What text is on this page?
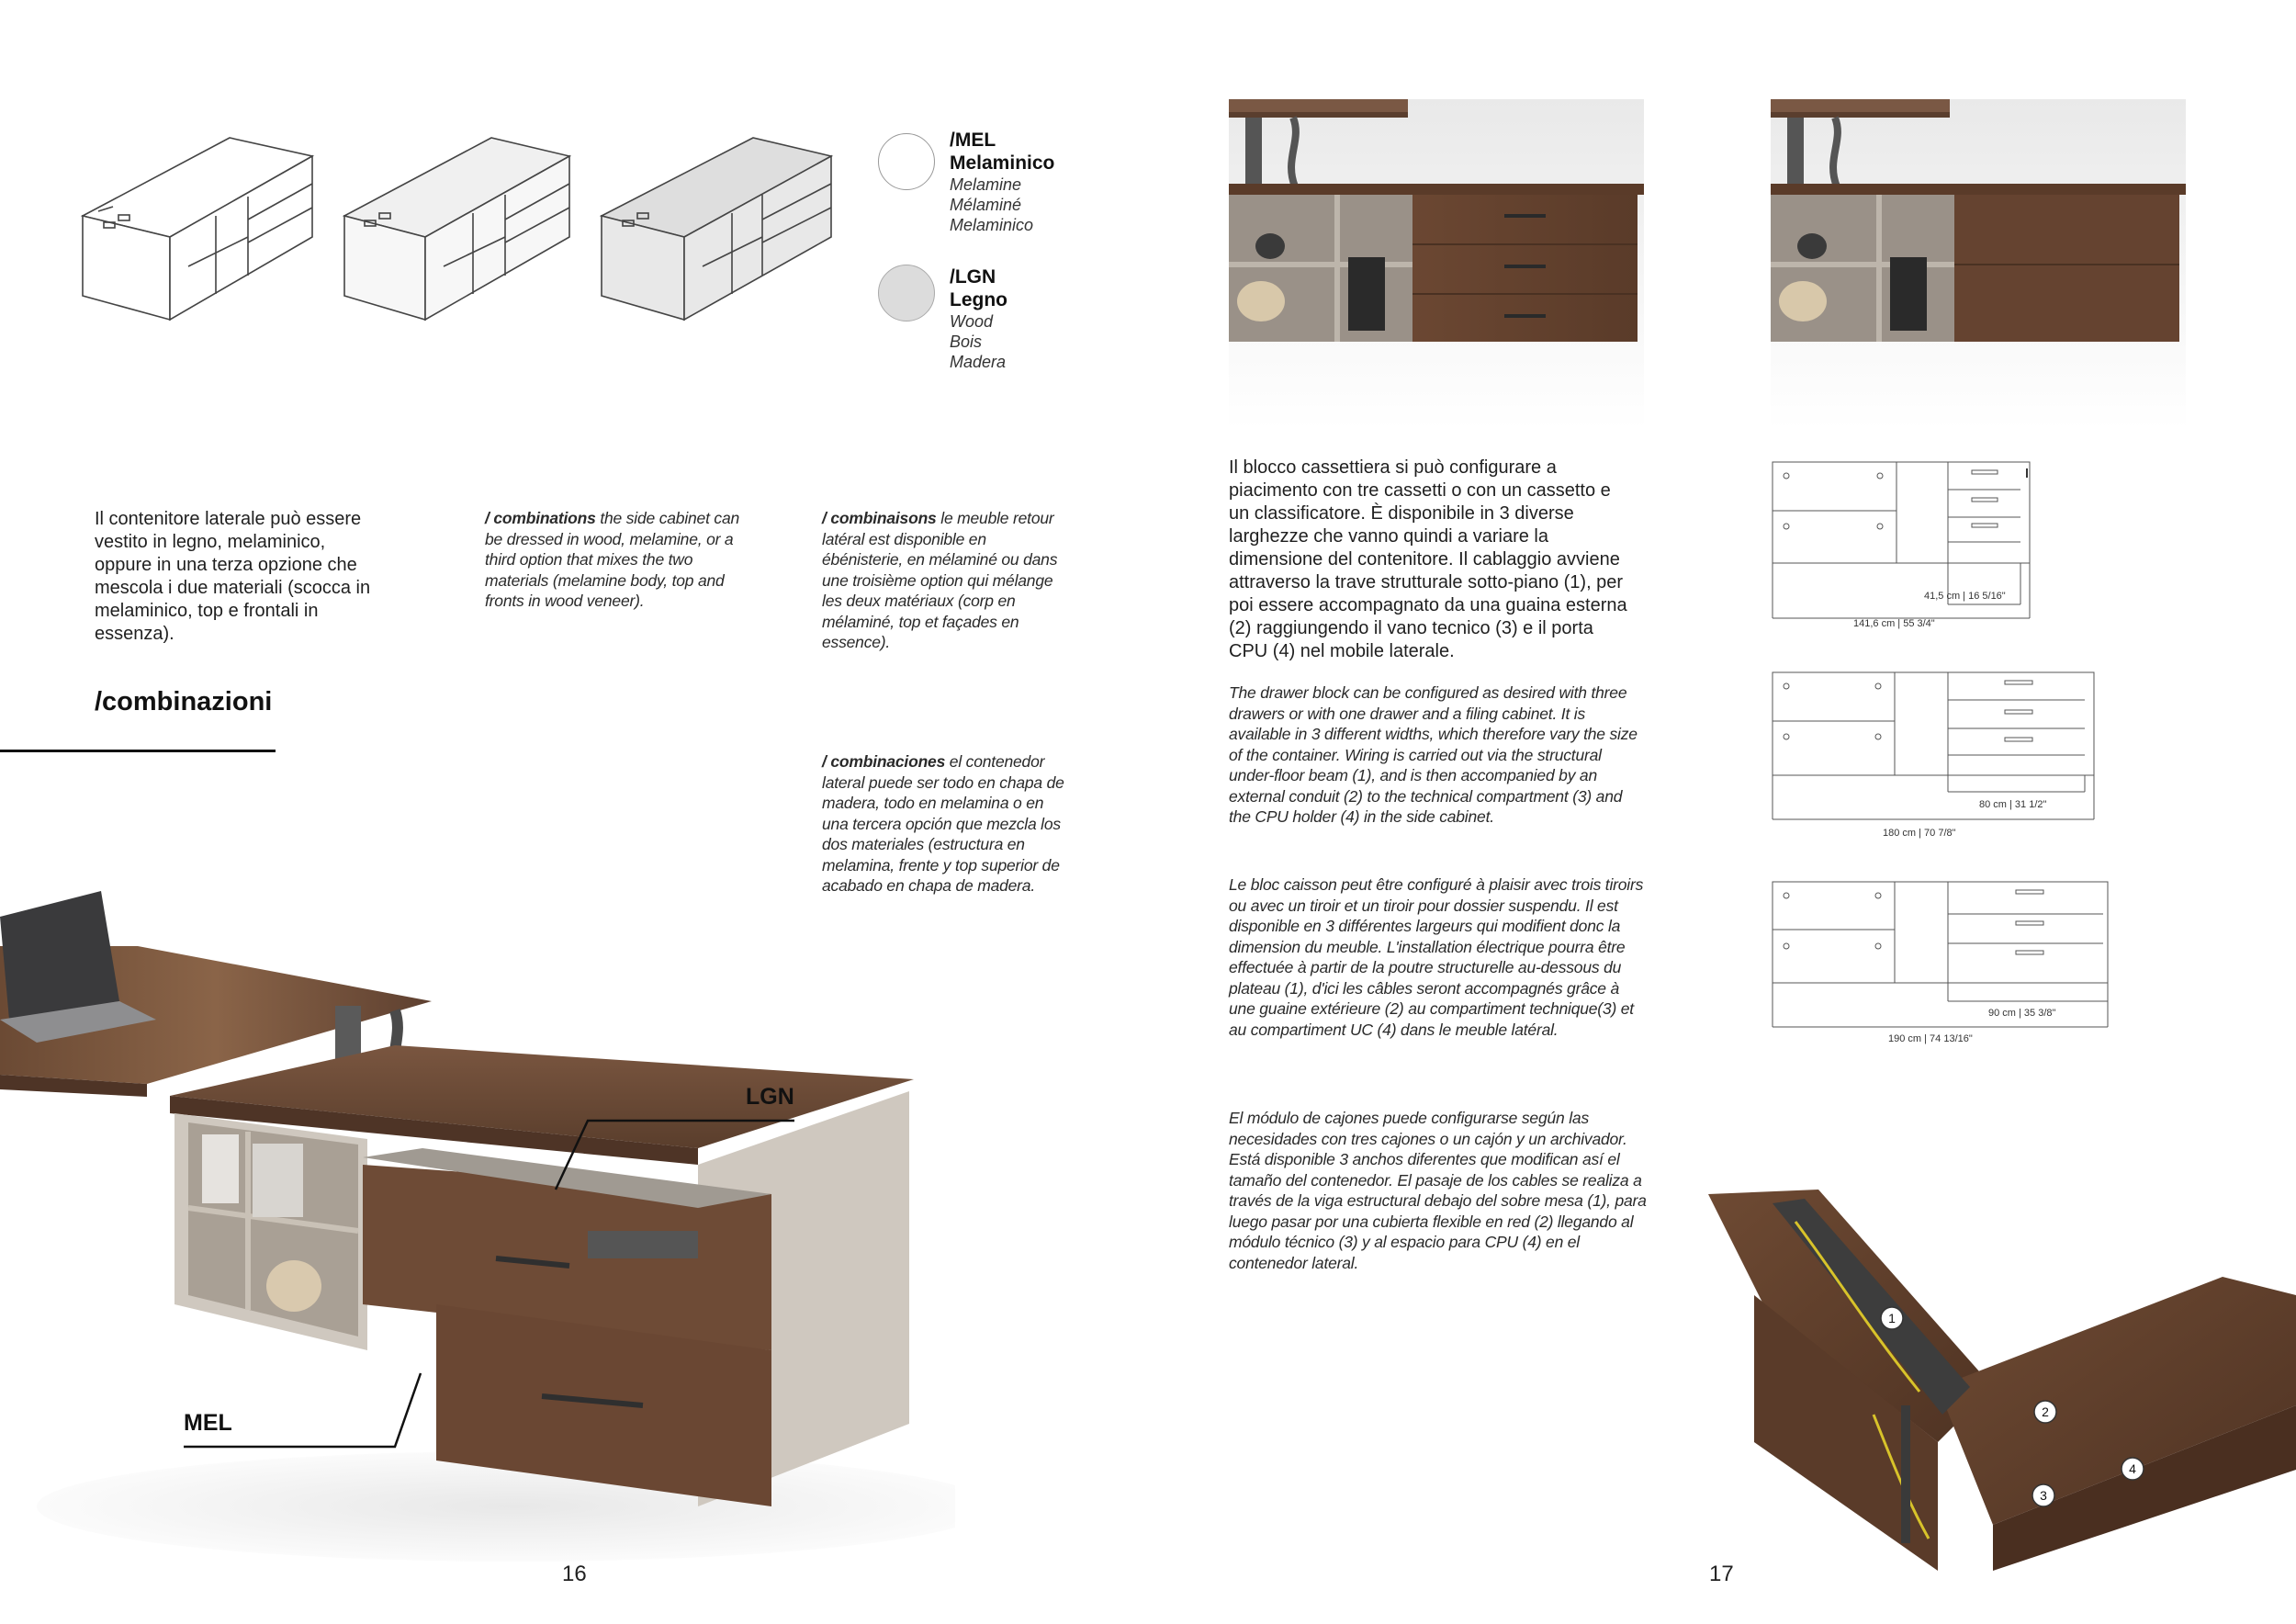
/MEL
Melaminico
Melamine
Mélaminé
Melaminico
/LGN
Legno
Wood
Bois
Madera
Il contenitore laterale può essere vestito in legno, melaminico, oppure in una terza opzione che mescola i due materiali (scocca in melaminico, top e frontali in essenza).
/ combinations the side cabinet can be dressed in wood, melamine, or a third option that mixes the two materials (melamine body, top and fronts in wood veneer).
/ combinaisons le meuble retour latéral est disponible en ébénisterie, en mélaminé ou dans une troisième option qui mélange les deux matériaux (corp en mélaminé, top et façades en essence).
/ combinaciones el contenedor lateral puede ser todo en chapa de madera, todo en melamina o en una tercera opción que mezcla los dos materiales (estructura en melamina, frente y top superior de acabado en chapa de madera.
/combinazioni
LGN
MEL
16
Il blocco cassettiera si può configurare a piacimento con tre cassetti o con un cassetto e un classificatore. È disponibile in 3 diverse larghezze che vanno quindi a variare la dimensione del contenitore. Il cablaggio avviene attraverso la trave strutturale sotto-piano (1), per poi essere accompagnato da una guaina esterna (2) raggiungendo il vano tecnico (3) e il porta CPU (4) nel mobile laterale.
The drawer block can be configured as desired with three drawers or with one drawer and a filing cabinet. It is available in 3 different widths, which therefore vary the size of the container. Wiring is carried out via the structural under-floor beam (1), and is then accompanied by an external conduit (2) to the technical compartment (3) and the CPU holder (4) in the side cabinet.
Le bloc caisson peut être configuré à plaisir avec trois tiroirs ou avec un tiroir et un tiroir pour dossier suspendu. Il est disponible en 3 différentes largeurs qui modifient donc la dimension du meuble. L'installation électrique pourra être effectuée à partir de la poutre structurelle au-dessous du plateau (1), d'ici les câbles seront accompagnés grâce à une guaine extérieure (2) au compartiment technique(3) et au compartiment UC (4) dans le meuble latéral.
El módulo de cajones puede configurarse según las necesidades con tres cajones o un cajón y un archivador. Está disponible 3 anchos diferentes que modifican así el tamaño del contenedor. El pasaje de los cables se realiza a través de la viga estructural debajo del sobre mesa (1), para luego pasar por una cubierta flexible en red (2) llegando al módulo técnico (3) y al espacio para CPU (4) en el contenedor lateral.
41,5 cm | 16 5/16"
141,6 cm | 55 3/4"
80 cm | 31 1/2"
180 cm | 70 7/8"
90 cm | 35 3/8"
190 cm | 74 13/16"
1
2
3
4
17
